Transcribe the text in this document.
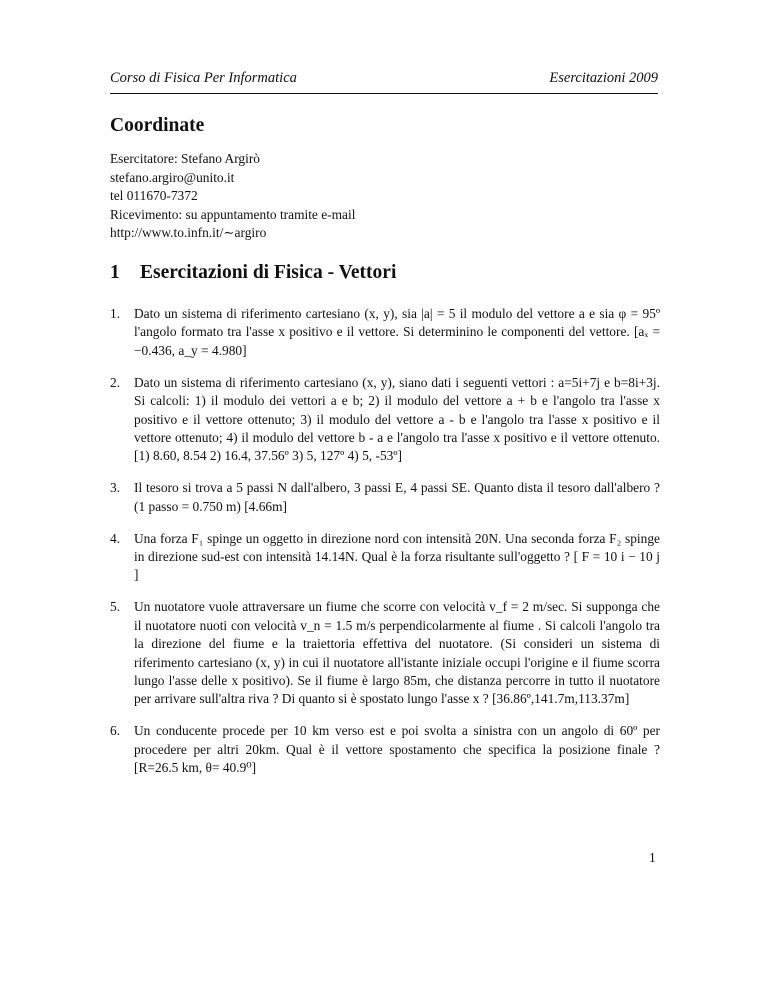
Corso di Fisica Per Informatica	Esercitazioni 2009
Coordinate
Esercitatore: Stefano Argirò
stefano.argiro@unito.it
tel 011670-7372
Ricevimento: su appuntamento tramite e-mail
http://www.to.infn.it/∼argiro
1	Esercitazioni di Fisica - Vettori
1.	Dato un sistema di riferimento cartesiano (x, y), sia |a| = 5 il modulo del vettore a e sia φ = 95º l'angolo formato tra l'asse x positivo e il vettore. Si determinino le componenti del vettore. [aₓ = −0.436, a_y = 4.980]
2.	Dato un sistema di riferimento cartesiano (x, y), siano dati i seguenti vettori : a=5i+7j e b=8i+3j. Si calcoli: 1) il modulo dei vettori a e b; 2) il modulo del vettore a + b e l'angolo tra l'asse x positivo e il vettore ottenuto; 3) il modulo del vettore a - b e l'angolo tra l'asse x positivo e il vettore ottenuto; 4) il modulo del vettore b - a e l'angolo tra l'asse x positivo e il vettore ottenuto. [1) 8.60, 8.54 2) 16.4, 37.56º 3) 5, 127º 4) 5, -53º]
3.	Il tesoro si trova a 5 passi N dall'albero, 3 passi E, 4 passi SE. Quanto dista il tesoro dall'albero ? (1 passo = 0.750 m) [4.66m]
4.	Una forza F₁ spinge un oggetto in direzione nord con intensità 20N. Una seconda forza F₂ spinge in direzione sud-est con intensità 14.14N. Qual è la forza risultante sull'oggetto ? [ F = 10 i − 10 j ]
5.	Un nuotatore vuole attraversare un fiume che scorre con velocità v_f = 2 m/sec. Si supponga che il nuotatore nuoti con velocità v_n = 1.5 m/s perpendicolarmente al fiume . Si calcoli l'angolo tra la direzione del fiume e la traiettoria effettiva del nuotatore. (Si consideri un sistema di riferimento cartesiano (x, y) in cui il nuotatore all'istante iniziale occupi l'origine e il fiume scorra lungo l'asse delle x positivo). Se il fiume è largo 85m, che distanza percorre in tutto il nuotatore per arrivare sull'altra riva ? Di quanto si è spostato lungo l'asse x ? [36.86º,141.7m,113.37m]
6.	Un conducente procede per 10 km verso est e poi svolta a sinistra con un angolo di 60º per procedere per altri 20km. Qual è il vettore spostamento che specifica la posizione finale ? [R=26.5 km, θ= 40.9⁰]
1
